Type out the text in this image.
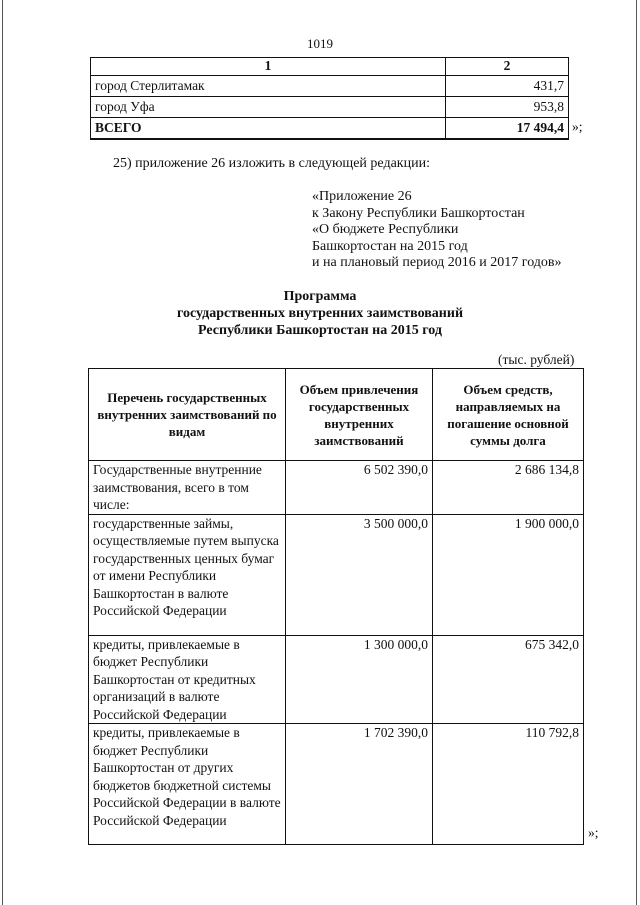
1019
1	2
город Стерлитамак	431,7
город Уфа	953,8
ВСЕГО	17 494,4 »;
25) приложение 26 изложить в следующей редакции:
«Приложение 26
к Закону Республики Башкортостан
«О бюджете Республики
Башкортостан на 2015 год
и на плановый период 2016 и 2017 годов»
Программа
государственных внутренних заимствований
Республики Башкортостан на 2015 год
(тыс. рублей)
Перечень государственных внутренних заимствований по видам	Объем привлечения государственных внутренних заимствований	Объем средств, направляемых на погашение основной суммы долга
Государственные внутренние заимствования, всего в том числе:	6 502 390,0	2 686 134,8
государственные займы, осуществляемые путем выпуска государственных ценных бумаг от имени Республики Башкортостан в валюте Российской Федерации	3 500 000,0	1 900 000,0
кредиты, привлекаемые в бюджет Республики Башкортостан от кредитных организаций в валюте Российской Федерации	1 300 000,0	675 342,0
кредиты, привлекаемые в бюджет Республики Башкортостан от других бюджетов бюджетной системы Российской Федерации в валюте Российской Федерации	1 702 390,0	110 792,8
»;
